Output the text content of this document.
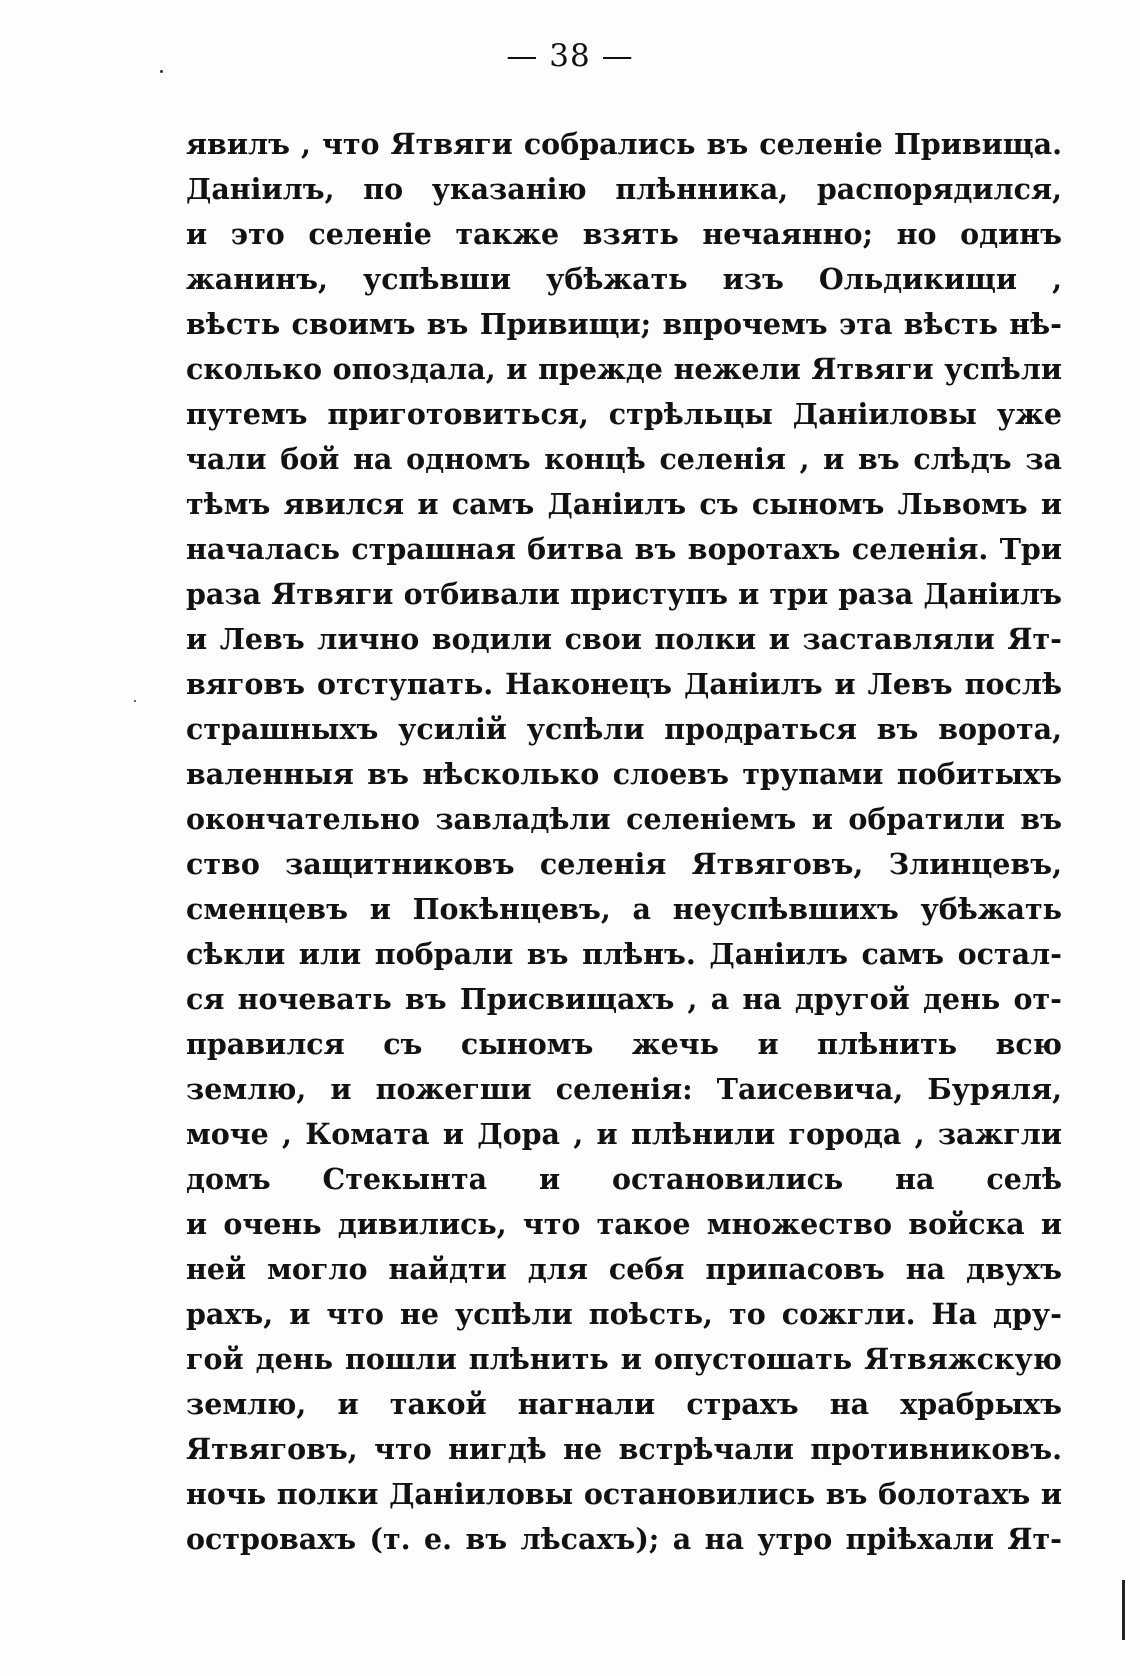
— 38 —
явилъ , что Ятвяги собрались въ селеніе Привища.
Даніилъ, по указанію плѣнника, распорядился,
и это селеніе также взять нечаянно; но одинъ
жанинъ, успѣвши убѣжать изъ Ольдикищи ,
вѣсть своимъ въ Привищи; впрочемъ эта вѣсть нѣ-
сколько опоздала, и прежде нежели Ятвяги успѣли
путемъ приготовиться, стрѣльцы Даніиловы уже
чали бой на одномъ концѣ селенія , и въ слѣдъ за
тѣмъ явился и самъ Даніилъ съ сыномъ Львомъ и
началась страшная битва въ воротахъ селенія. Три
раза Ятвяги отбивали приступъ и три раза Даніилъ
и Левъ лично водили свои полки и заставляли Ят-
вяговъ отступать. Наконецъ Даніилъ и Левъ послѣ
страшныхъ усилій успѣли продраться въ ворота,
валенныя въ нѣсколько слоевъ трупами побитыхъ
окончательно завладѣли селеніемъ и обратили въ
ство защитниковъ селенія Ятвяговъ, Злинцевъ,
сменцевъ и Покѣнцевъ, а неуспѣвшихъ убѣжать
сѣкли или побрали въ плѣнъ. Даніилъ самъ остал-
ся ночевать въ Присвищахъ , а на другой день от-
правился съ сыномъ жечь и плѣнить всю
землю, и пожегши селенія: Таисевича, Буряля,
моче , Комата и Дора , и плѣнили города , зажгли
домъ Стекынта и остановились на селѣ
и очень дивились, что такое множество войска и
ней могло найдти для себя припасовъ на двухъ
рахъ, и что не успѣли поѣсть, то сожгли. На дру-
гой день пошли плѣнить и опустошать Ятвяжскую
землю, и такой нагнали страхъ на храбрыхъ
Ятвяговъ, что нигдѣ не встрѣчали противниковъ.
ночь полки Даніиловы остановились въ болотахъ и
островахъ (т. е. въ лѣсахъ); а на утро пріѣхали Ят-
